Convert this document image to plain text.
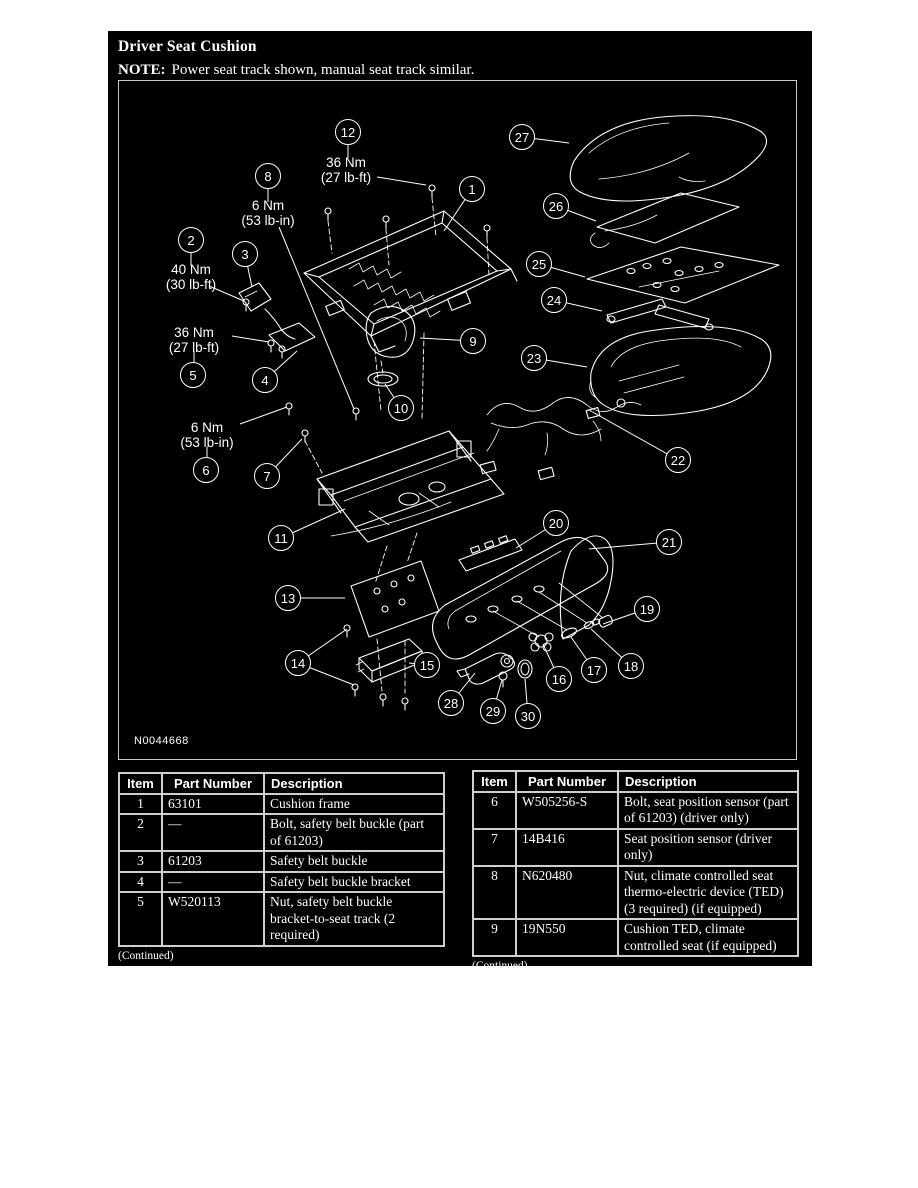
Driver Seat Cushion
NOTE: Power seat track shown, manual seat track similar.
1
2
3
4
5
6	7
8
9
10
11
12
13
14	15
16
17	18
19
20
21
22
23
24
25
26
27
28
29	30
36 Nm
(27 lb-ft)
6 Nm
(53 lb-in)
40 Nm
(30 lb-ft)
36 Nm
(27 lb-ft)
6 Nm
(53 lb-in)
N0044668
Item	Part Number	Description
1	63101	Cushion frame
2	—	Bolt, safety belt buckle (part of 61203)
3	61203	Safety belt buckle
4	—	Safety belt buckle bracket
5	W520113	Nut, safety belt buckle bracket-to-seat track (2 required)
(Continued)
Item	Part Number	Description
6	W505256-S	Bolt, seat position sensor (part of 61203) (driver only)
7	14B416	Seat position sensor (driver only)
8	N620480	Nut, climate controlled seat thermo-electric device (TED) (3 required) (if equipped)
9	19N550	Cushion TED, climate controlled seat (if equipped)
(Continued)
